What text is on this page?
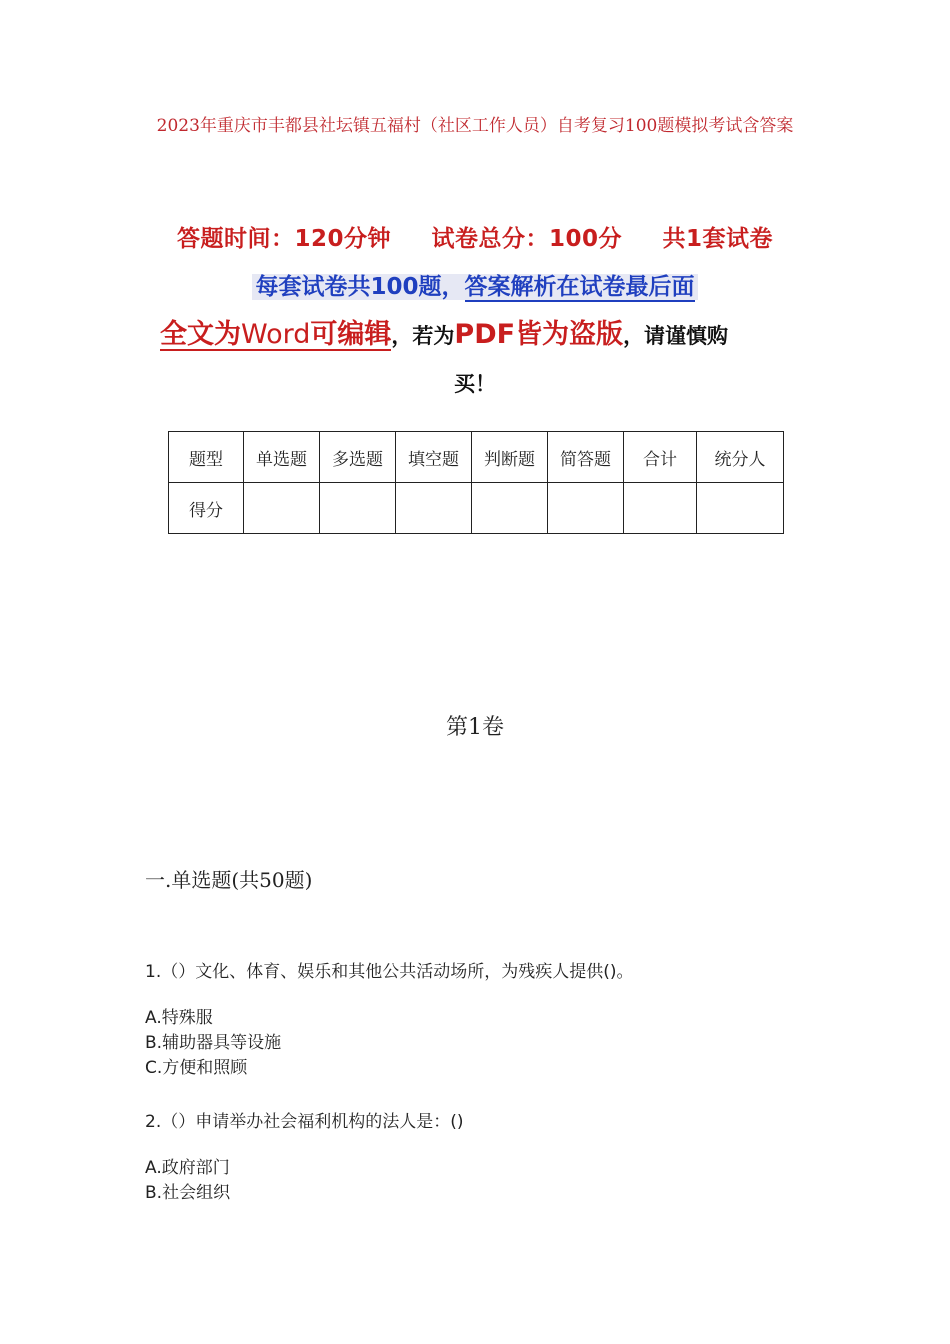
2023年重庆市丰都县社坛镇五福村（社区工作人员）自考复习100题模拟考试含答案
答题时间：120分钟 试卷总分：100分 共1套试卷
每套试卷共100题，答案解析在试卷最后面
全文为Word可编辑，若为PDF皆为盗版，请谨慎购
买！
题型	单选题	多选题	填空题	判断题	简答题	合计	统分人
得分							
第1卷
一.单选题(共50题)
1.（）文化、体育、娱乐和其他公共活动场所，为残疾人提供()。
A.特殊服
B.辅助器具等设施
C.方便和照顾
2.（）申请举办社会福利机构的法人是：()
A.政府部门
B.社会组织
